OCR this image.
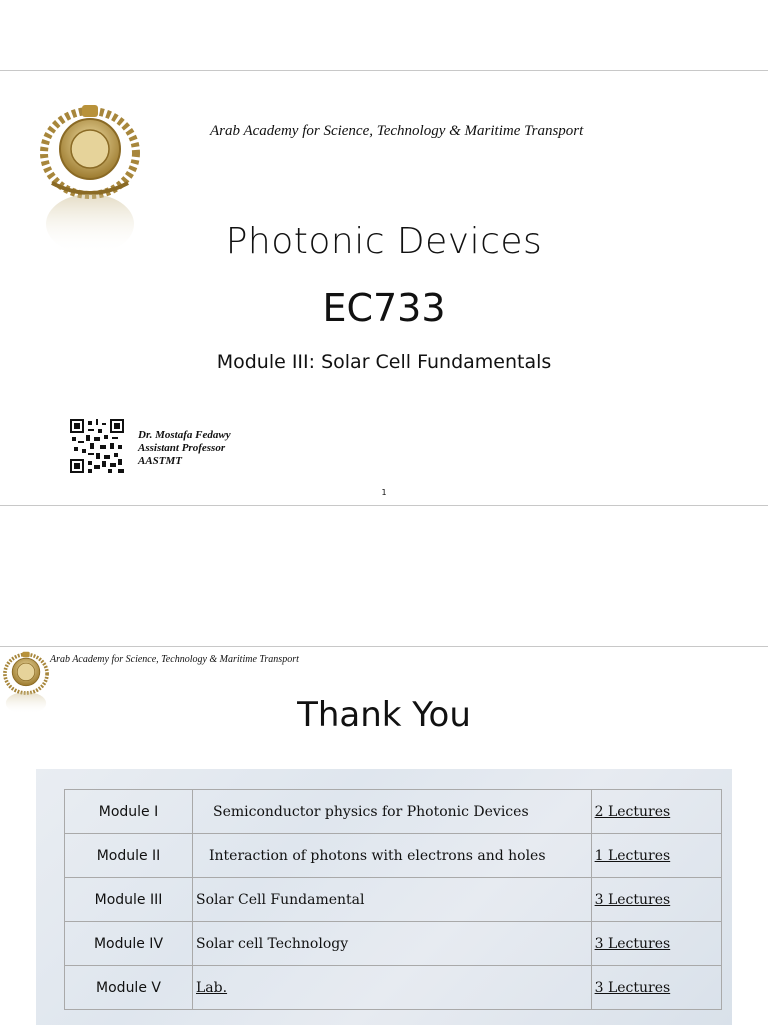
Arab Academy for Science, Technology & Maritime Transport
Photonic Devices
EC733
Module III: Solar Cell Fundamentals
Dr. Mostafa Fedawy
Assistant Professor
AASTMT
1
Arab Academy for Science, Technology & Maritime Transport
Thank You
Module I	Semiconductor physics for Photonic Devices	2 Lectures
Module II	Interaction of photons with electrons and holes	1 Lectures
Module III	Solar Cell Fundamental	3 Lectures
Module IV	Solar cell Technology	3 Lectures
Module V	Lab.	3 Lectures
